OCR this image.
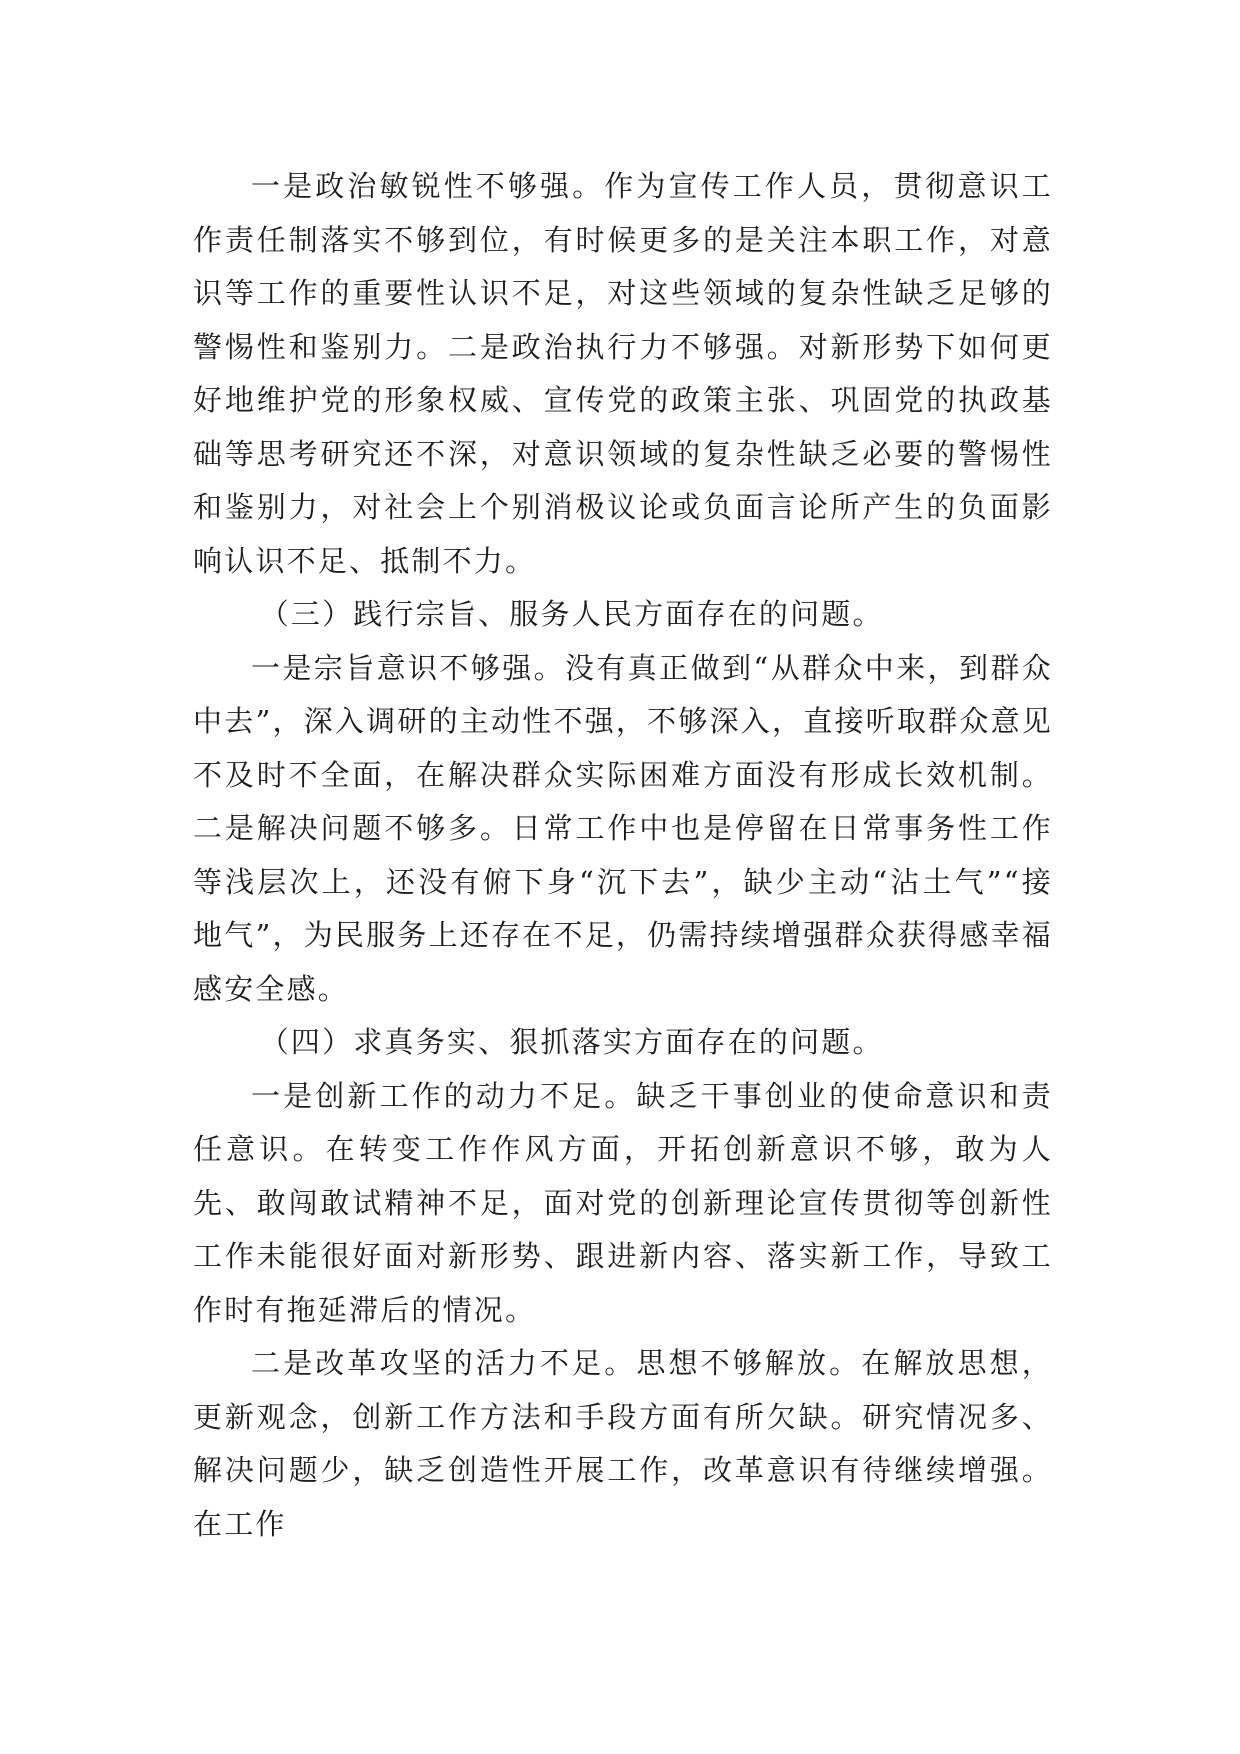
一是政治敏锐性不够强。作为宣传工作人员，贯彻意识工作责任制落实不够到位，有时候更多的是关注本职工作，对意识等工作的重要性认识不足，对这些领域的复杂性缺乏足够的警惕性和鉴别力。二是政治执行力不够强。对新形势下如何更好地维护党的形象权威、宣传党的政策主张、巩固党的执政基础等思考研究还不深，对意识领域的复杂性缺乏必要的警惕性和鉴别力，对社会上个别消极议论或负面言论所产生的负面影响认识不足、抵制不力。

（三）践行宗旨、服务人民方面存在的问题。

一是宗旨意识不够强。没有真正做到“从群众中来，到群众中去”，深入调研的主动性不强，不够深入，直接听取群众意见不及时不全面，在解决群众实际困难方面没有形成长效机制。二是解决问题不够多。日常工作中也是停留在日常事务性工作等浅层次上，还没有俯下身“沉下去”，缺少主动“沾土气”“接地气”，为民服务上还存在不足，仍需持续增强群众获得感幸福感安全感。

（四）求真务实、狠抓落实方面存在的问题。

一是创新工作的动力不足。缺乏干事创业的使命意识和责任意识。在转变工作作风方面，开拓创新意识不够，敢为人先、敢闯敢试精神不足，面对党的创新理论宣传贯彻等创新性工作未能很好面对新形势、跟进新内容、落实新工作，导致工作时有拖延滞后的情况。

二是改革攻坚的活力不足。思想不够解放。在解放思想，更新观念，创新工作方法和手段方面有所欠缺。研究情况多、解决问题少，缺乏创造性开展工作，改革意识有待继续增强。在工作
